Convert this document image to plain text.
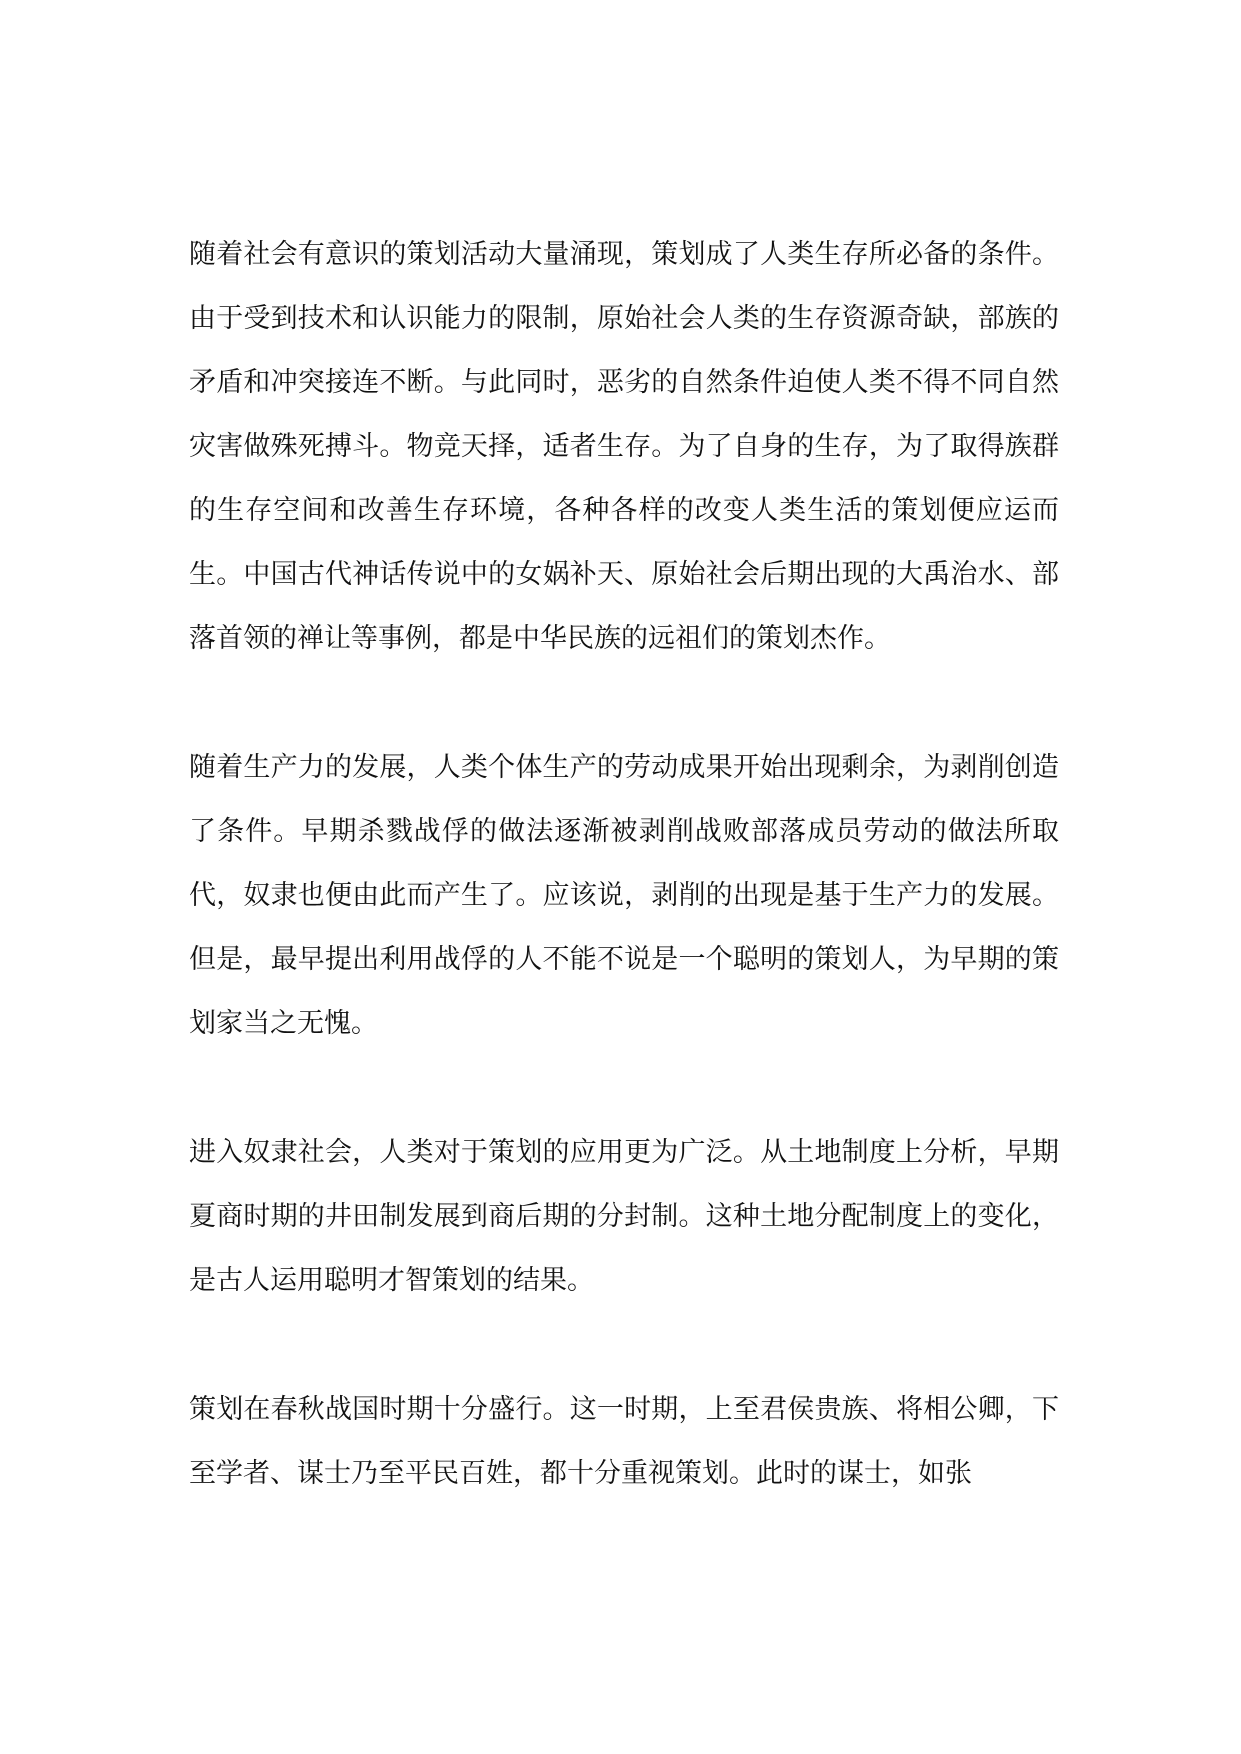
随着社会有意识的策划活动大量涌现，策划成了人类生存所必备的条件。由于受到技术和认识能力的限制，原始社会人类的生存资源奇缺，部族的矛盾和冲突接连不断。与此同时，恶劣的自然条件迫使人类不得不同自然灾害做殊死搏斗。物竞天择，适者生存。为了自身的生存，为了取得族群的生存空间和改善生存环境，各种各样的改变人类生活的策划便应运而生。中国古代神话传说中的女娲补天、原始社会后期出现的大禹治水、部落首领的禅让等事例，都是中华民族的远祖们的策划杰作。

随着生产力的发展，人类个体生产的劳动成果开始出现剩余，为剥削创造了条件。早期杀戮战俘的做法逐渐被剥削战败部落成员劳动的做法所取代，奴隶也便由此而产生了。应该说，剥削的出现是基于生产力的发展。但是，最早提出利用战俘的人不能不说是一个聪明的策划人，为早期的策划家当之无愧。

进入奴隶社会，人类对于策划的应用更为广泛。从土地制度上分析，早期夏商时期的井田制发展到商后期的分封制。这种土地分配制度上的变化，是古人运用聪明才智策划的结果。

策划在春秋战国时期十分盛行。这一时期，上至君侯贵族、将相公卿，下至学者、谋士乃至平民百姓，都十分重视策划。此时的谋士，如张
